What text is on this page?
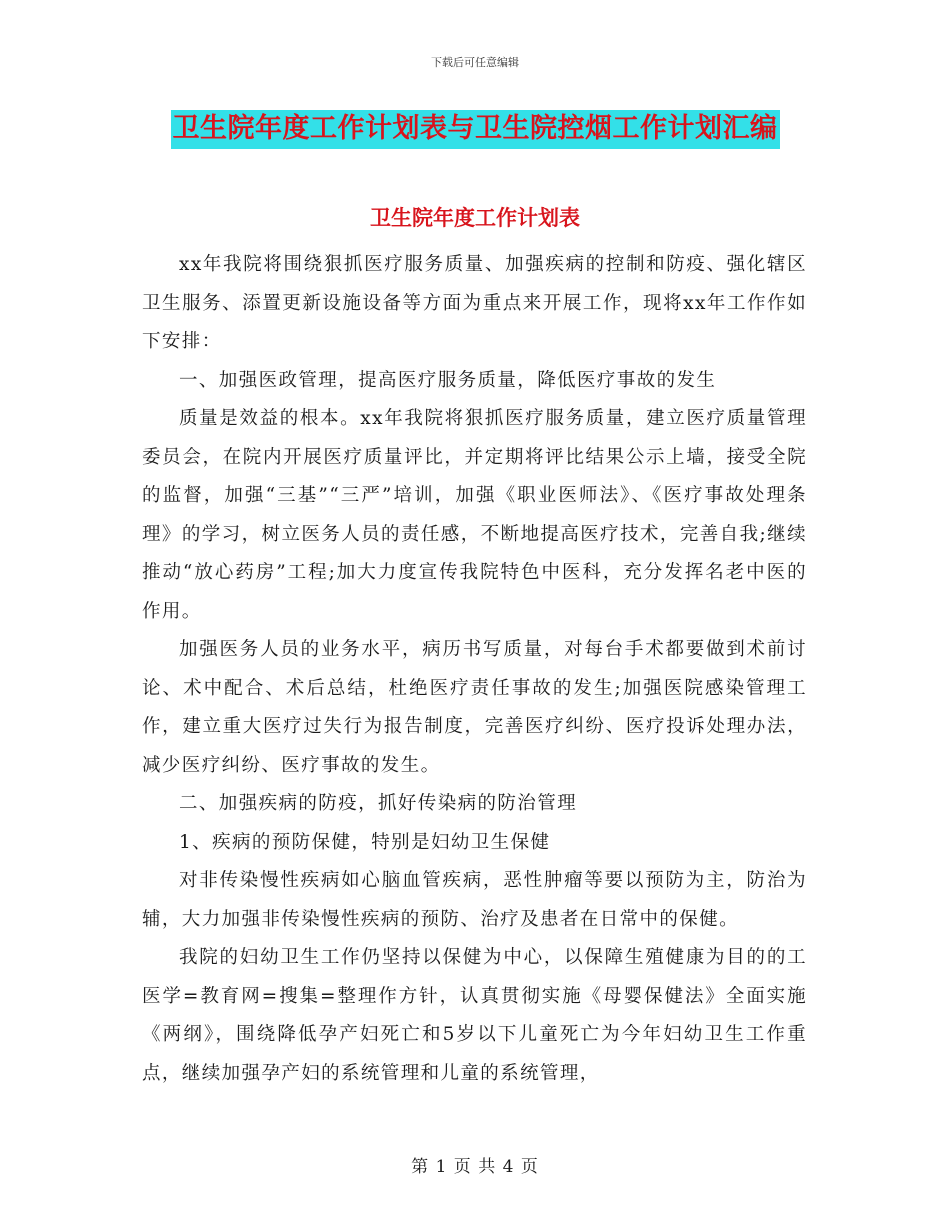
下载后可任意编辑
卫生院年度工作计划表与卫生院控烟工作计划汇编
卫生院年度工作计划表

xx年我院将围绕狠抓医疗服务质量、加强疾病的控制和防疫、强化辖区卫生服务、添置更新设施设备等方面为重点来开展工作，现将xx年工作作如下安排：

一、加强医政管理，提高医疗服务质量，降低医疗事故的发生

质量是效益的根本。xx年我院将狠抓医疗服务质量，建立医疗质量管理委员会，在院内开展医疗质量评比，并定期将评比结果公示上墙，接受全院的监督，加强“三基”“三严”培训，加强《职业医师法》、《医疗事故处理条理》的学习，树立医务人员的责任感，不断地提高医疗技术，完善自我;继续推动“放心药房”工程;加大力度宣传我院特色中医科，充分发挥名老中医的作用。

加强医务人员的业务水平，病历书写质量，对每台手术都要做到术前讨论、术中配合、术后总结，杜绝医疗责任事故的发生;加强医院感染管理工作，建立重大医疗过失行为报告制度，完善医疗纠纷、医疗投诉处理办法，减少医疗纠纷、医疗事故的发生。

二、加强疾病的防疫，抓好传染病的防治管理

1、疾病的预防保健，特别是妇幼卫生保健

对非传染慢性疾病如心脑血管疾病，恶性肿瘤等要以预防为主，防治为辅，大力加强非传染慢性疾病的预防、治疗及患者在日常中的保健。

我院的妇幼卫生工作仍坚持以保健为中心，以保障生殖健康为目的的工医学=教育网=搜集=整理作方针，认真贯彻实施《母婴保健法》全面实施《两纲》，围绕降低孕产妇死亡和5岁以下儿童死亡为今年妇幼卫生工作重点，继续加强孕产妇的系统管理和儿童的系统管理，

第 1 页 共 4 页
